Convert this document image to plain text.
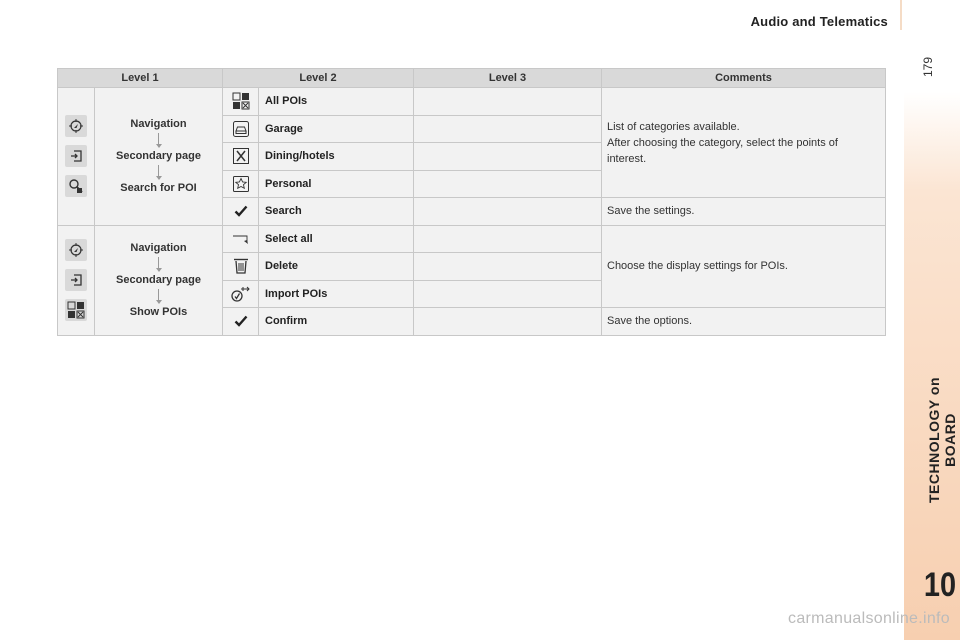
Audio and Telematics
179
TECHNOLOGY on BOARD
10
Level 1		Level 2		Level 3	Comments

Navigation
Secondary page
Search for POI		All POIs		List of categories available.
After choosing the category, select the points of interest.

	Garage		

	Dining/hotels		

	Personal		

	Search		Save the settings.

Navigation
Secondary page
Show POIs		Select all		Choose the display settings for POIs.

	Delete		

	Import POIs		

	Confirm		Save the options.
carmanualsonline.info
